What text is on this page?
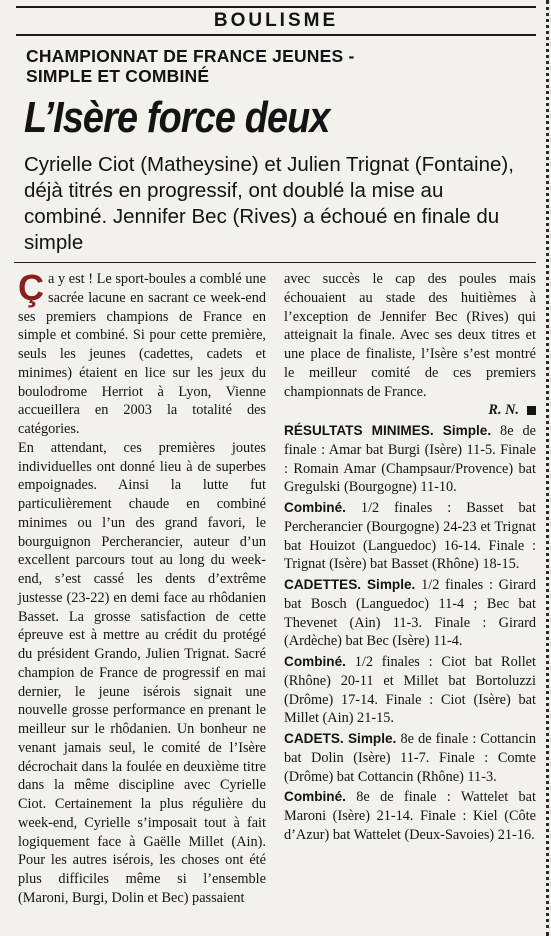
BOULISME
CHAMPIONNAT DE FRANCE JEUNES -
SIMPLE ET COMBINÉ
L’Isère force deux
Cyrielle Ciot (Matheysine) et Julien Trignat (Fontaine), déjà titrés en progressif, ont doublé la mise au combiné. Jennifer Bec (Rives) a échoué en finale du simple

Ça y est ! Le sport-boules a comblé une sacrée lacune en sacrant ce week-end ses premiers champions de France en simple et combiné. Si pour cette première, seuls les jeunes (cadettes, cadets et minimes) étaient en lice sur les jeux du boulodrome Herriot à Lyon, Vienne accueillera en 2003 la totalité des catégories.

En attendant, ces premières joutes individuelles ont donné lieu à de superbes empoignades. Ainsi la lutte fut particulièrement chaude en combiné minimes ou l’un des grand favori, le bourguignon Percherancier, auteur d’un excellent parcours tout au long du week-end, s’est cassé les dents d’extrême justesse (23-22) en demi face au rhôdanien Basset. La grosse satisfaction de cette épreuve est à mettre au crédit du protégé du président Grando, Julien Trignat. Sacré champion de France de progressif en mai dernier, le jeune isérois signait une nouvelle grosse performance en prenant le meilleur sur le rhôdanien. Un bonheur ne venant jamais seul, le comité de l’Isère décrochait dans la foulée en deuxième titre dans la même discipline avec Cyrielle Ciot. Certainement la plus régulière du week-end, Cyrielle s’imposait tout à fait logiquement face à Gaëlle Millet (Ain). Pour les autres isérois, les choses ont été plus difficiles même si l’ensemble (Maroni, Burgi, Dolin et Bec) passaient

avec succès le cap des poules mais échouaient au stade des huitièmes à l’exception de Jennifer Bec (Rives) qui atteignait la finale. Avec ses deux titres et une place de finaliste, l’Isère s’est montré le meilleur comité de ces premiers championnats de France.

R. N.

RÉSULTATS MINIMES. Simple. 8e de finale : Amar bat Burgi (Isère) 11-5. Finale : Romain Amar (Champsaur/Provence) bat Gregulski (Bourgogne) 11-10.

Combiné. 1/2 finales : Basset bat Percherancier (Bourgogne) 24-23 et Trignat bat Houizot (Languedoc) 16-14. Finale : Trignat (Isère) bat Basset (Rhône) 18-15.

CADETTES. Simple. 1/2 finales : Girard bat Bosch (Languedoc) 11-4 ; Bec bat Thevenet (Ain) 11-3. Finale : Girard (Ardèche) bat Bec (Isère) 11-4.

Combiné. 1/2 finales : Ciot bat Rollet (Rhône) 20-11 et Millet bat Bortoluzzi (Drôme) 17-14. Finale : Ciot (Isère) bat Millet (Ain) 21-15.

CADETS. Simple. 8e de finale : Cottancin bat Dolin (Isère) 11-7. Finale : Comte (Drôme) bat Cottancin (Rhône) 11-3.

Combiné. 8e de finale : Wattelet bat Maroni (Isère) 21-14. Finale : Kiel (Côte d’Azur) bat Wattelet (Deux-Savoies) 21-16.
